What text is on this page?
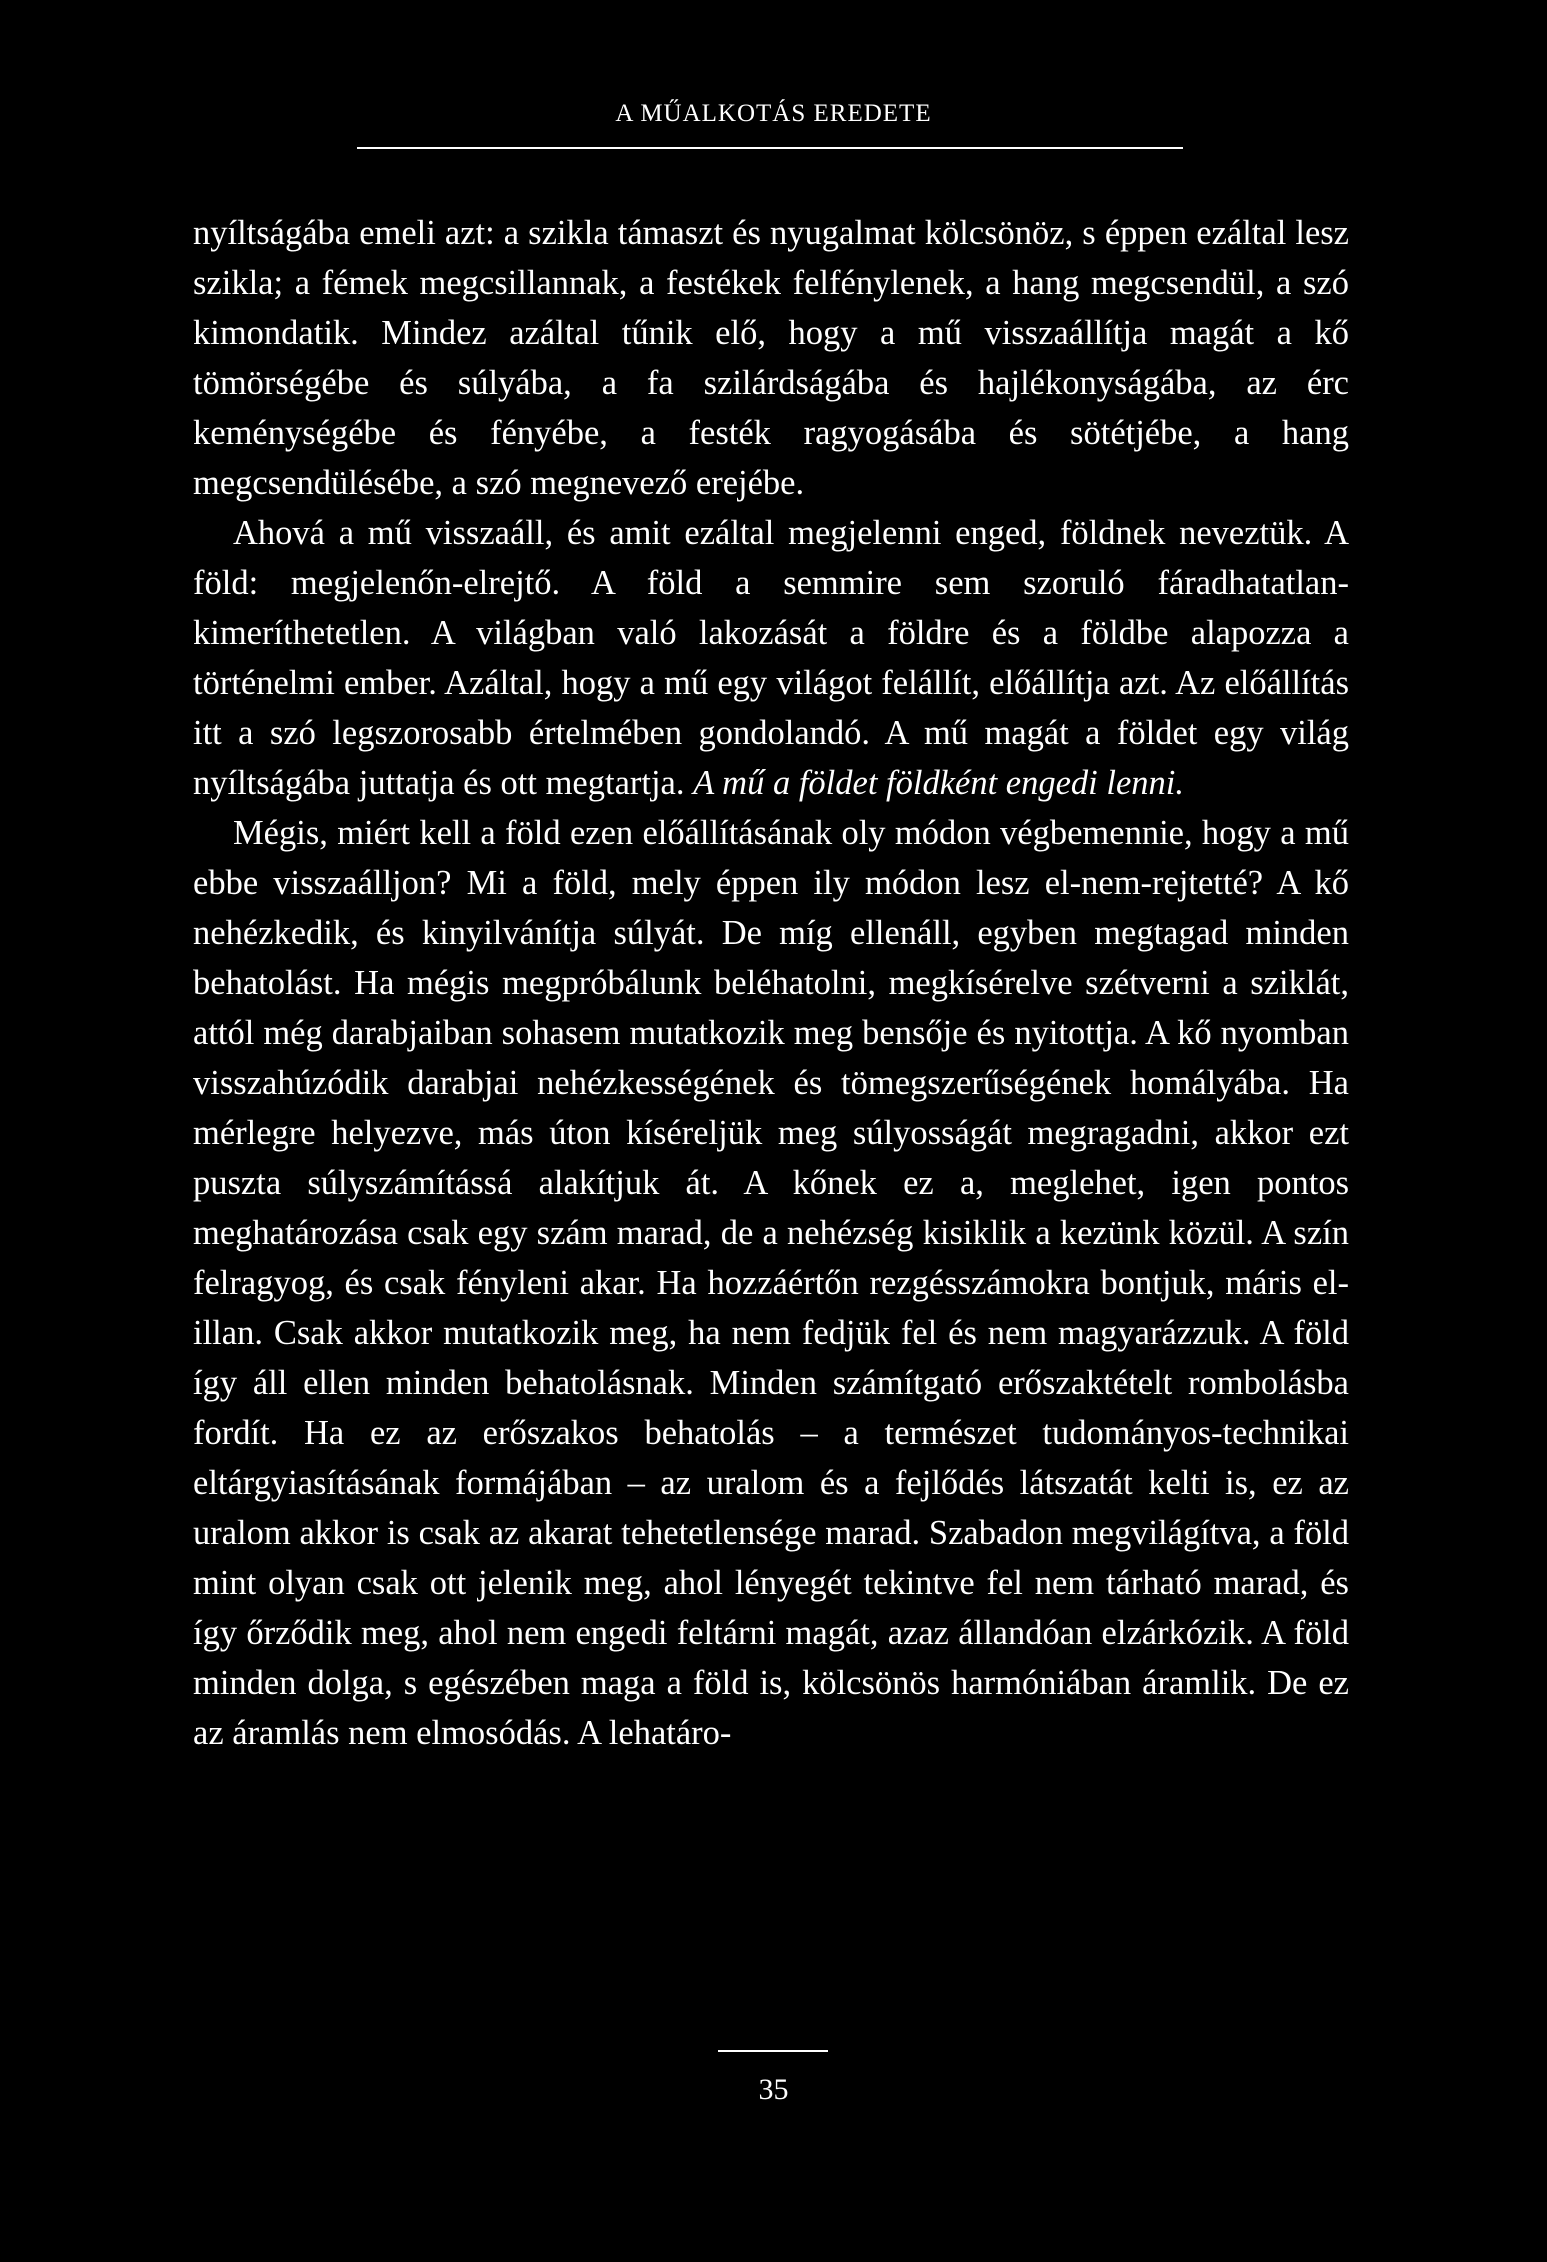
A MŰALKOTÁS EREDETE

nyíltságába emeli azt: a szikla támaszt és nyugalmat kölcsönöz, s éppen ezáltal lesz szikla; a fémek megcsillannak, a festékek felfénylenek, a hang megcsendül, a szó kimondatik. Mindez azáltal tűnik elő, hogy a mű visszaállítja magát a kő tömörségébe és súlyába, a fa szilárdságába és hajlékonyságába, az érc keménységébe és fényébe, a festék ragyogásába és sötétjébe, a hang megcsendülésébe, a szó megnevező erejébe.

Ahová a mű visszaáll, és amit ezáltal megjelenni enged, földnek neveztük. A föld: megjelenőn-elrejtő. A föld a semmire sem szoruló fáradhatatlan-kimeríthetetlen. A világban való lakozását a földre és a földbe alapozza a történelmi ember. Azáltal, hogy a mű egy világot felállít, előállítja azt. Az előállítás itt a szó legszorosabb értelmében gondolandó. A mű magát a földet egy világ nyíltságába juttatja és ott megtartja. A mű a földet földként engedi lenni.

Mégis, miért kell a föld ezen előállításának oly módon végbemennie, hogy a mű ebbe visszaálljon? Mi a föld, mely éppen ily módon lesz el-nem-rejtetté? A kő nehézkedik, és kinyilvánítja súlyát. De míg ellenáll, egyben megtagad minden behatolást. Ha mégis megpróbálunk beléhatolni, megkísérelve szétverni a sziklát, attól még darabjaiban sohasem mutatkozik meg bensője és nyitottja. A kő nyomban visszahúzódik darabjai nehézkességének és tömegszerűségének homályába. Ha mérlegre helyezve, más úton kíséreljük meg súlyosságát megragadni, akkor ezt puszta súlyszámítássá alakítjuk át. A kőnek ez a, meglehet, igen pontos meghatározása csak egy szám marad, de a nehézség kisiklik a kezünk közül. A szín felragyog, és csak fényleni akar. Ha hozzáértőn rezgésszámokra bontjuk, máris elillan. Csak akkor mutatkozik meg, ha nem fedjük fel és nem magyarázzuk. A föld így áll ellen minden behatolásnak. Minden számítgató erőszaktételt rombolásba fordít. Ha ez az erőszakos behatolás – a természet tudományos-technikai eltárgyiasításának formájában – az uralom és a fejlődés látszatát kelti is, ez az uralom akkor is csak az akarat tehetetlensége marad. Szabadon megvilágítva, a föld mint olyan csak ott jelenik meg, ahol lényegét tekintve fel nem tárható marad, és így őrződik meg, ahol nem engedi feltárni magát, azaz állandóan elzárkózik. A föld minden dolga, s egészében maga a föld is, kölcsönös harmóniában áramlik. De ez az áramlás nem elmosódás. A lehatáro-

35
